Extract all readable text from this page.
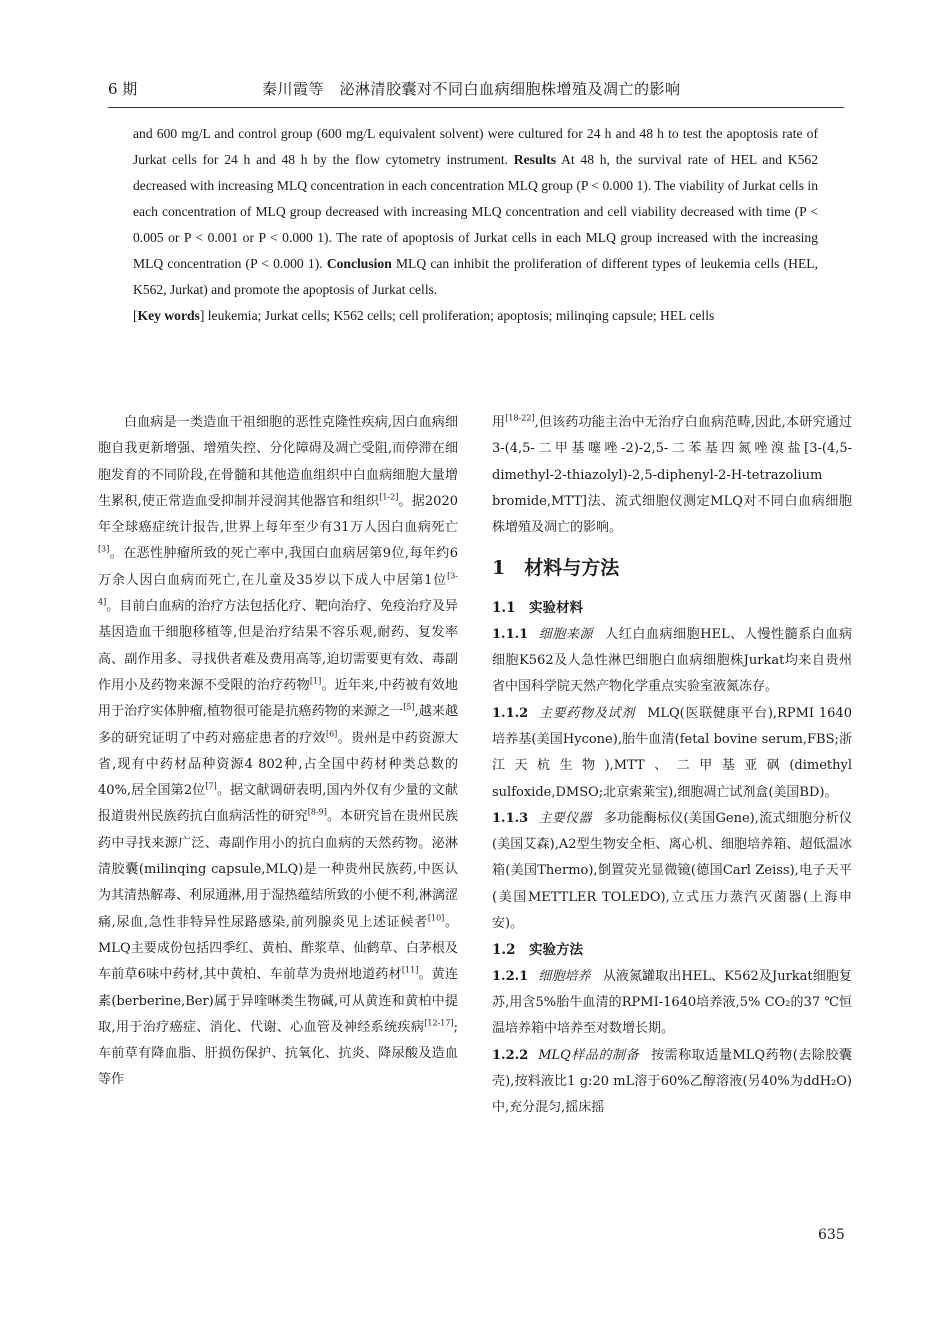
6 期	秦川霞等　泌淋清胶囊对不同白血病细胞株增殖及凋亡的影响

and 600 mg/L and control group (600 mg/L equivalent solvent) were cultured for 24 h and 48 h to test the apoptosis rate of Jurkat cells for 24 h and 48 h by the flow cytometry instrument. Results At 48 h, the survival rate of HEL and K562 decreased with increasing MLQ concentration in each concentration MLQ group (P < 0.000 1). The viability of Jurkat cells in each concentration of MLQ group decreased with increasing MLQ concentration and cell viability decreased with time (P < 0.005 or P < 0.001 or P < 0.000 1). The rate of apoptosis of Jurkat cells in each MLQ group increased with the increasing MLQ concentration (P < 0.000 1). Conclusion MLQ can inhibit the proliferation of different types of leukemia cells (HEL, K562, Jurkat) and promote the apoptosis of Jurkat cells.

[Key words] leukemia; Jurkat cells; K562 cells; cell proliferation; apoptosis; milinqing capsule; HEL cells

白血病是一类造血干祖细胞的恶性克隆性疾病,因白血病细胞自我更新增强、增殖失控、分化障碍及凋亡受阻,而停滞在细胞发育的不同阶段,在骨髓和其他造血组织中白血病细胞大量增生累积,使正常造血受抑制并浸润其他器官和组织[1-2]。据2020年全球癌症统计报告,世界上每年至少有31万人因白血病死亡[3]。在恶性肿瘤所致的死亡率中,我国白血病居第9位,每年约6万余人因白血病而死亡,在儿童及35岁以下成人中居第1位[3-4]。目前白血病的治疗方法包括化疗、靶向治疗、免疫治疗及异基因造血干细胞移植等,但是治疗结果不容乐观,耐药、复发率高、副作用多、寻找供者难及费用高等,迫切需要更有效、毒副作用小及药物来源不受限的治疗药物[1]。近年来,中药被有效地用于治疗实体肿瘤,植物很可能是抗癌药物的来源之一[5],越来越多的研究证明了中药对癌症患者的疗效[6]。贵州是中药资源大省,现有中药材品种资源4 802种,占全国中药材种类总数的40%,居全国第2位[7]。据文献调研表明,国内外仅有少量的文献报道贵州民族药抗白血病活性的研究[8-9]。本研究旨在贵州民族药中寻找来源广泛、毒副作用小的抗白血病的天然药物。泌淋清胶囊(milinqing capsule,MLQ)是一种贵州民族药,中医认为其清热解毒、利尿通淋,用于湿热蕴结所致的小便不利,淋漓涩痛,尿血,急性非特异性尿路感染,前列腺炎见上述证候者[10]。MLQ主要成份包括四季红、黄柏、酢浆草、仙鹤草、白茅根及车前草6味中药材,其中黄柏、车前草为贵州地道药材[11]。黄连素(berberine,Ber)属于异喹啉类生物碱,可从黄连和黄柏中提取,用于治疗癌症、消化、代谢、心血管及神经系统疾病[12-17];车前草有降血脂、肝损伤保护、抗氧化、抗炎、降尿酸及造血等作

用[18-22],但该药功能主治中无治疗白血病范畴,因此,本研究通过3-(4,5-二甲基噻唑-2)-2,5-二苯基四氮唑溴盐[3-(4,5-dimethyl-2-thiazolyl)-2,5-diphenyl-2-H-tetrazolium bromide,MTT]法、流式细胞仪测定MLQ对不同白血病细胞株增殖及凋亡的影响。

1　材料与方法
1.1　实验材料

1.1.1 细胞来源 人红白血病细胞HEL、人慢性髓系白血病细胞K562及人急性淋巴细胞白血病细胞株Jurkat均来自贵州省中国科学院天然产物化学重点实验室液氮冻存。

1.1.2 主要药物及试剂 MLQ(医联健康平台),RPMI 1640培养基(美国Hycone),胎牛血清(fetal bovine serum,FBS;浙江天杭生物),MTT、二甲基亚砜(dimethyl sulfoxide,DMSO;北京索莱宝),细胞凋亡试剂盒(美国BD)。

1.1.3 主要仪器 多功能酶标仪(美国Gene),流式细胞分析仪(美国艾森),A2型生物安全柜、离心机、细胞培养箱、超低温冰箱(美国Thermo),倒置荧光显微镜(德国Carl Zeiss),电子天平(美国METTLER TOLEDO),立式压力蒸汽灭菌器(上海申安)。

1.2　实验方法

1.2.1 细胞培养 从液氮罐取出HEL、K562及Jurkat细胞复苏,用含5%胎牛血清的RPMI-1640培养液,5% CO₂的37 ℃恒温培养箱中培养至对数增长期。

1.2.2 MLQ样品的制备 按需称取适量MLQ药物(去除胶囊壳),按料液比1 g:20 mL溶于60%乙醇溶液(另40%为ddH₂O)中,充分混匀,摇床摇

635
